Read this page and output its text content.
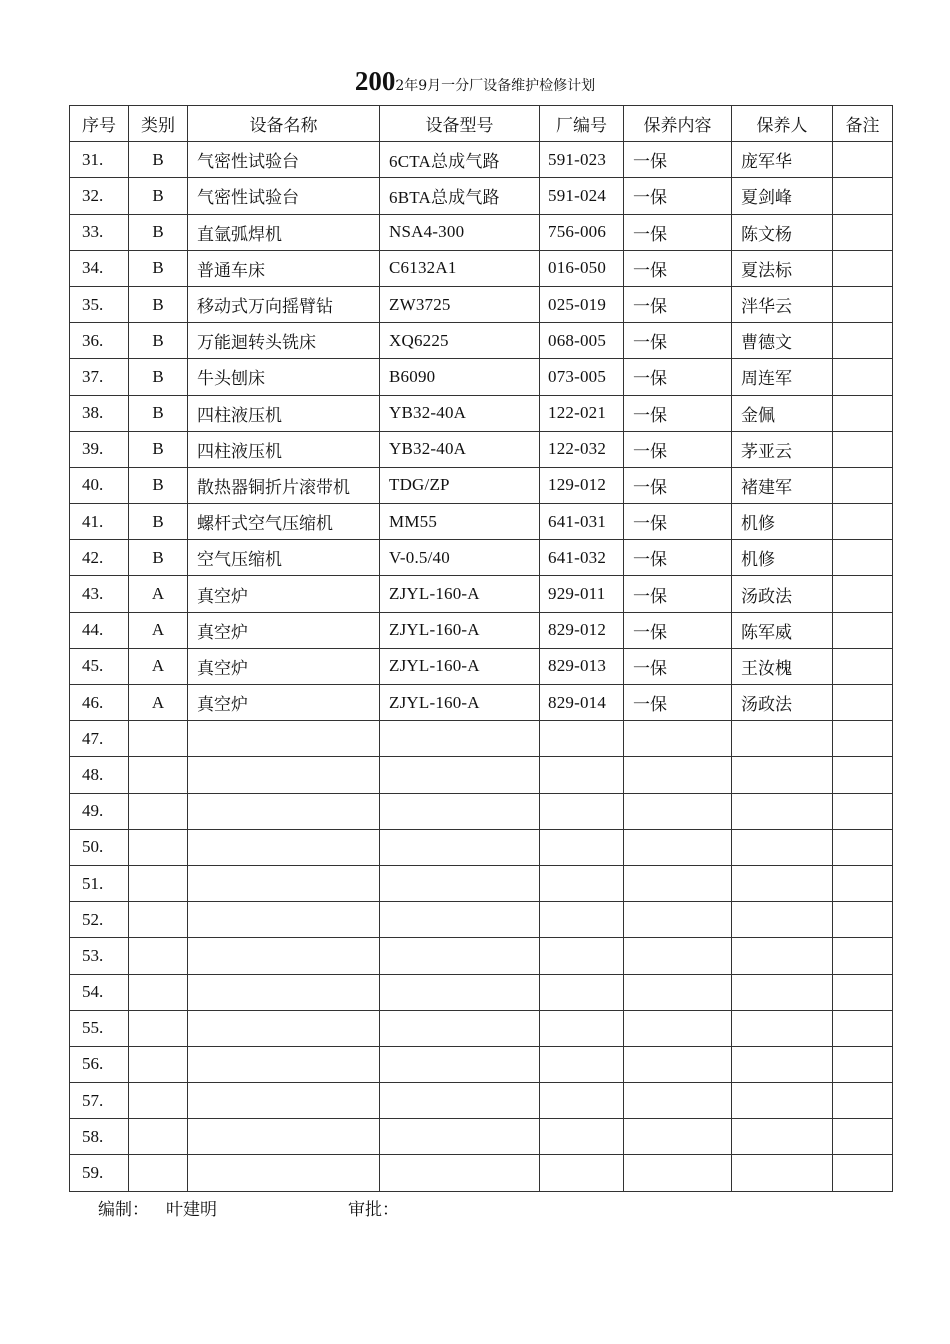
2002年9月一分厂设备维护检修计划
序号	类别	设备名称	设备型号	厂编号	保养内容	保养人	备注
31.	B	气密性试验台	6CTA总成气路	591-023	一保	庞军华	
32.	B	气密性试验台	6BTA总成气路	591-024	一保	夏剑峰	
33.	B	直氩弧焊机	NSA4-300	756-006	一保	陈文杨	
34.	B	普通车床	C6132A1	016-050	一保	夏法标	
35.	B	移动式万向摇臂钻	ZW3725	025-019	一保	泮华云	
36.	B	万能迴转头铣床	XQ6225	068-005	一保	曹德文	
37.	B	牛头刨床	B6090	073-005	一保	周连军	
38.	B	四柱液压机	YB32-40A	122-021	一保	金佩	
39.	B	四柱液压机	YB32-40A	122-032	一保	茅亚云	
40.	B	散热器铜折片滚带机	TDG/ZP	129-012	一保	褚建军	
41.	B	螺杆式空气压缩机	MM55	641-031	一保	机修	
42.	B	空气压缩机	V-0.5/40	641-032	一保	机修	
43.	A	真空炉	ZJYL-160-A	929-011	一保	汤政法	
44.	A	真空炉	ZJYL-160-A	829-012	一保	陈军威	
45.	A	真空炉	ZJYL-160-A	829-013	一保	王汝槐	
46.	A	真空炉	ZJYL-160-A	829-014	一保	汤政法	
47.							
48.							
49.							
50.							
51.							
52.							
53.							
54.							
55.							
56.							
57.							
58.							
59.							
编制： 叶建明	审批：
